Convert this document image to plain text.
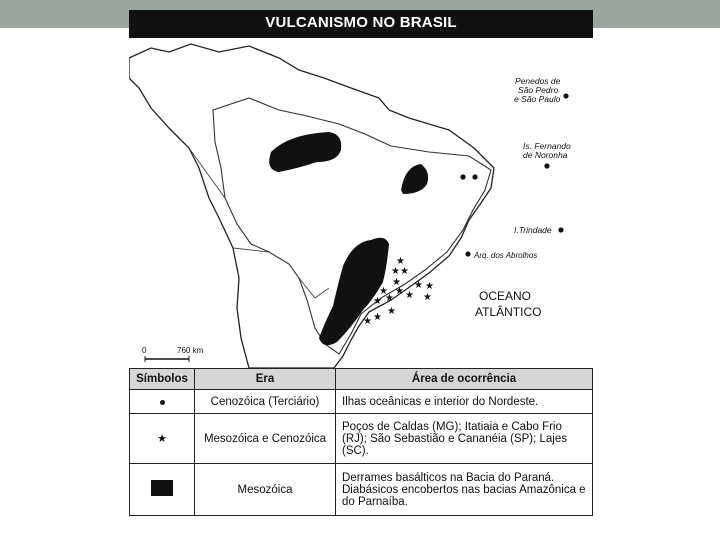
VULCANISMO NO BRASIL
★
★ ★
★ ★ ★
★ ★ ★
★	★
★
★
★
★
Penedos de
São Pedro
e São Paulo
Is. Fernando
de Noronha
I.Trindade
Arq. dos Abrolhos
OCEANO
ATLÂNTICO
0	760 km
Símbolos	Era	Área de ocorrência
	Cenozóica (Terciário)	Ilhas oceânicas e interior do Nordeste.
★	Mesozóica e Cenozóica	Poços de Caldas (MG); Itatiaia e Cabo Frio (RJ); São Sebastião e Cananéia (SP); Lajes (SC).
	Mesozóica	Derrames basálticos na Bacia do Paraná. Diabásicos encobertos nas bacias Amazônica e do Parnaíba.
